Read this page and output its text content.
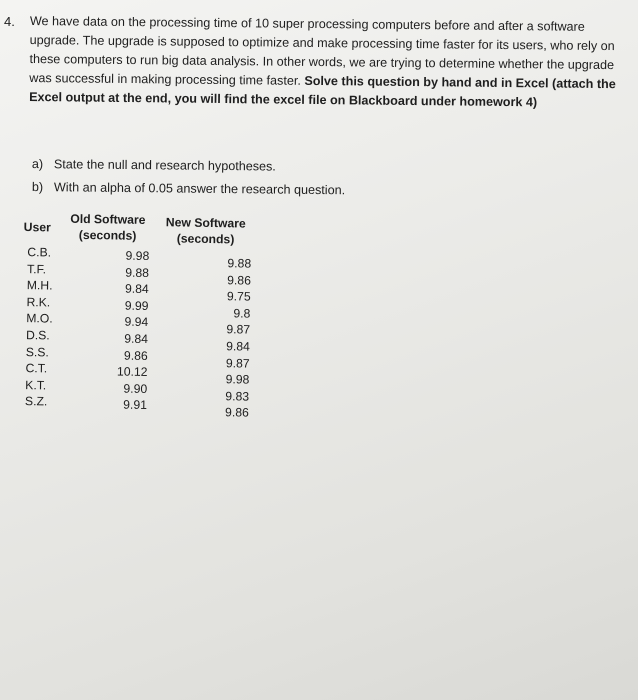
4. We have data on the processing time of 10 super processing computers before and after a software upgrade. The upgrade is supposed to optimize and make processing time faster for its users, who rely on these computers to run big data analysis. In other words, we are trying to determine whether the upgrade was successful in making processing time faster. Solve this question by hand and in Excel (attach the Excel output at the end, you will find the excel file on Blackboard under homework 4)
a) State the null and research hypotheses.
b) With an alpha of 0.05 answer the research question.
User
Old Software
(seconds)
New Software
(seconds)
C.B.
T.F.
M.H.
R.K.
M.O.
D.S.
S.S.
C.T.
K.T.
S.Z.
9.98
9.88
9.84
9.99
9.94
9.84
9.86
10.12
9.90
9.91
9.88
9.86
9.75
9.8
9.87
9.84
9.87
9.98
9.83
9.86
